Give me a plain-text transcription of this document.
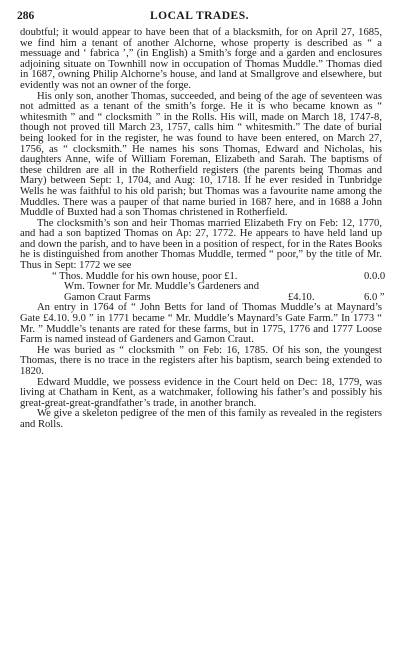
286	LOCAL TRADES.

doubtful; it would appear to have been that of a blacksmith, for on April 27, 1685, we find him a tenant of another Alchorne, whose property is described as “ a messuage and ‘ fabrica ’,” (in English) a Smith’s forge and a garden and enclosures adjoining situate on Townhill now in occupation of Thomas Muddle.” Thomas died in 1687, owning Philip Alchorne’s house, and land at Smallgrove and elsewhere, but evidently was not an owner of the forge.

His only son, another Thomas, succeeded, and being of the age of seventeen was not admitted as a tenant of the smith’s forge. He it is who became known as “ whitesmith ” and “ clocksmith ” in the Rolls. His will, made on March 18, 1747-8, though not proved till March 23, 1757, calls him “ whitesmith.” The date of burial being looked for in the register, he was found to have been entered, on March 27, 1756, as “ clocksmith.” He names his sons Thomas, Edward and Nicholas, his daughters Anne, wife of William Foreman, Elizabeth and Sarah. The baptisms of these children are all in the Rotherfield registers (the parents being Thomas and Mary) between Sept: 1, 1704, and Aug: 10, 1718. If he ever resided in Tunbridge Wells he was faithful to his old parish; but Thomas was a favourite name among the Muddles. There was a pauper of that name buried in 1687 here, and in 1688 a John Muddle of Buxted had a son Thomas christened in Rotherfield.

The clocksmith’s son and heir Thomas married Elizabeth Fry on Feb: 12, 1770, and had a son baptized Thomas on Ap: 27, 1772. He appears to have held land up and down the parish, and to have been in a position of respect, for in the Rates Books he is distinguished from another Thomas Muddle, termed “ poor,” by the title of Mr. Thus in Sept: 1772 we see

“ Thos. Muddle for his own house, poor £1.	0.0.0
Wm. Towner for Mr. Muddle’s Gardeners and
Gamon Craut Farms	£4.10.	6.0 ”

An entry in 1764 of “ John Betts for land of Thomas Muddle’s at Maynard’s Gate £4.10. 9.0 ” in 1771 became “ Mr. Muddle’s Maynard’s Gate Farm.” In 1773 “ Mr. ” Muddle’s tenants are rated for these farms, but in 1775, 1776 and 1777 Loose Farm is named instead of Gardeners and Gamon Craut.

He was buried as “ clocksmith ” on Feb: 16, 1785. Of his son, the youngest Thomas, there is no trace in the registers after his baptism, search being extended to 1820.

Edward Muddle, we possess evidence in the Court held on Dec: 18, 1779, was living at Chatham in Kent, as a watchmaker, following his father’s and possibly his great-great-great-grandfather’s trade, in another branch.

We give a skeleton pedigree of the men of this family as revealed in the registers and Rolls.
